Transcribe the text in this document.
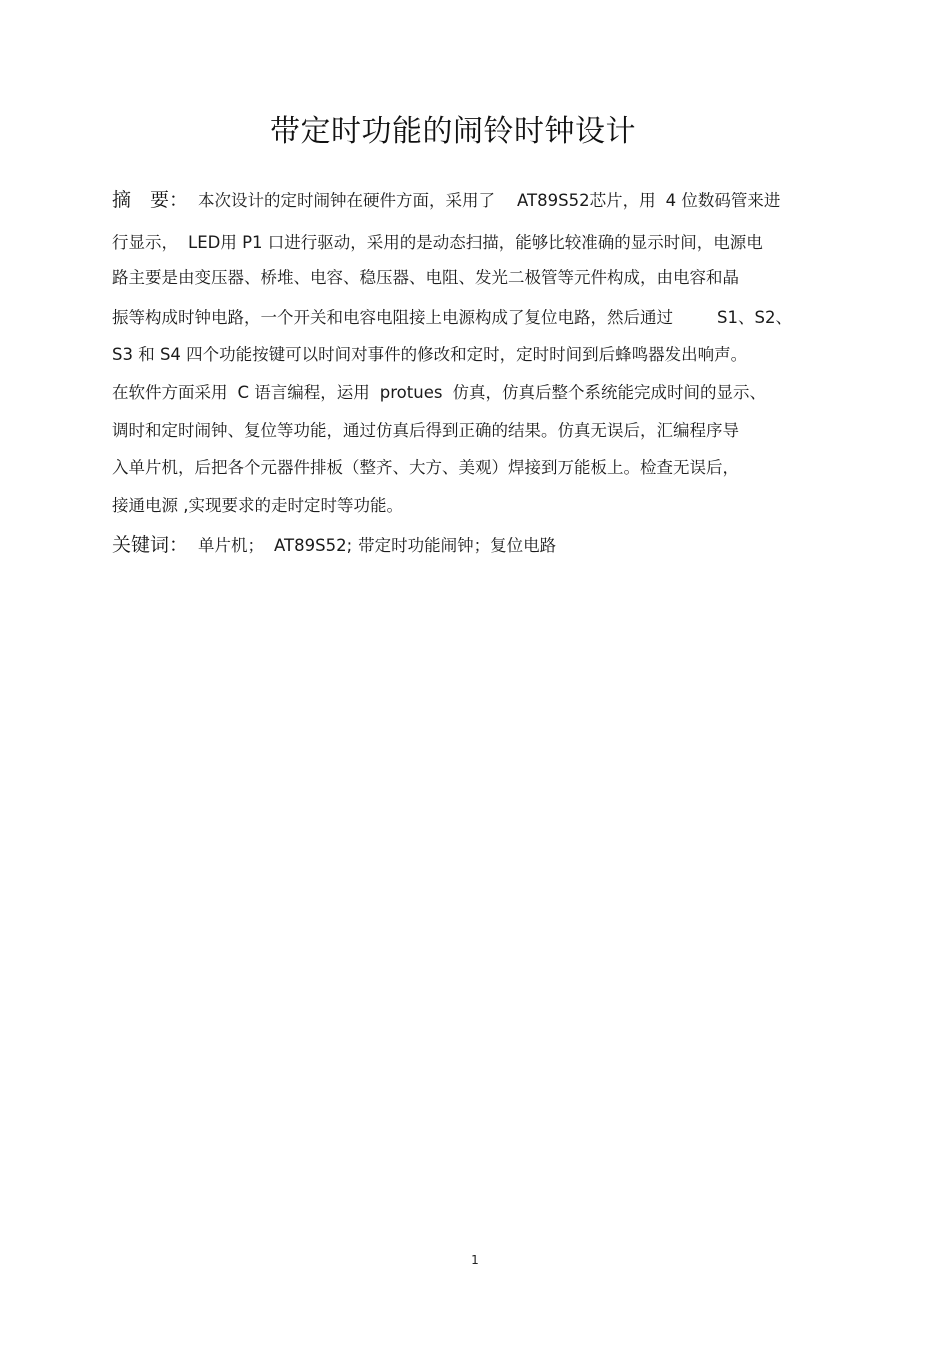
带定时功能的闹铃时钟设计
摘　要： 本次设计的定时闹钟在硬件方面，采用了 AT89S52芯片，用 4 位数码管来进
行显示， LED用 P1 口进行驱动，采用的是动态扫描，能够比较准确的显示时间，电源电
路主要是由变压器、桥堆、电容、稳压器、电阻、发光二极管等元件构成，由电容和晶
振等构成时钟电路，一个开关和电容电阻接上电源构成了复位电路，然后通过	S1、S2、
S3 和 S4 四个功能按键可以时间对事件的修改和定时，定时时间到后蜂鸣器发出响声。
在软件方面采用 C 语言编程，运用 protues 仿真，仿真后整个系统能完成时间的显示、
调时和定时闹钟、复位等功能，通过仿真后得到正确的结果。仿真无误后，汇编程序导
入单片机，后把各个元器件排板（整齐、大方、美观）焊接到万能板上。检查无误后，
接通电源 ,实现要求的走时定时等功能。
关键词： 单片机； AT89S52; 带定时功能闹钟；复位电路
1
